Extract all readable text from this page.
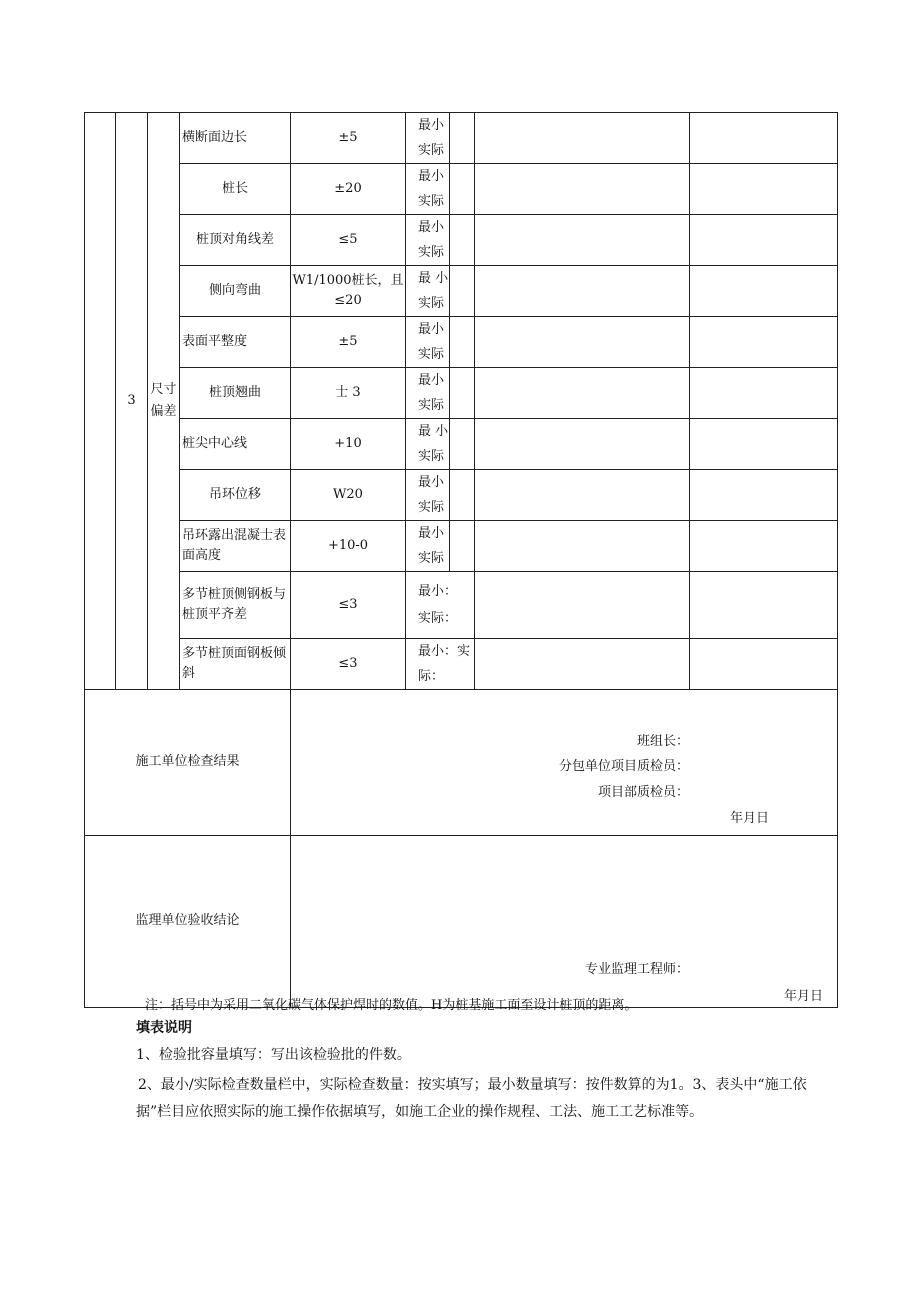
	3	尺寸偏差	横断面边长	±5	最小
实际			

			桩长	±20	最小
实际			

			桩顶对角线差	≤5	最小
实际			

			侧向弯曲	W1/1000桩长，且≤20	最 小
实际			

			表面平整度	±5	最小
实际			

			桩顶翘曲	士 3	最小
实际			

			桩尖中心线	+10	最 小
实际			

			吊环位移	W20	最小
实际			

			吊环露出混凝士表面高度	+10-0	最小
实际			

			多节桩顶侧钢板与桩顶平齐差	≤3	最小：
实际：			

			多节桩顶面钢板倾斜	≤3	最小：实
际：			

施工单位检查结果				班组长：
分包单位项目质检员：
项目部质检员：
年月日				

监理单位验收结论				专业监理工程师：
年月日				
注：括号中为采用二氧化碳气体保护焊时的数值。H为桩基施工面至设计桩顶的距离。
填表说明
1、检验批容量填写：写出该检验批的件数。
2、最小/实际检查数量栏中，实际检查数量：按实填写；最小数量填写：按件数算的为1。3、表头中“施工依据”栏目应依照实际的施工操作依据填写，如施工企业的操作规程、工法、施工工艺标准等。
